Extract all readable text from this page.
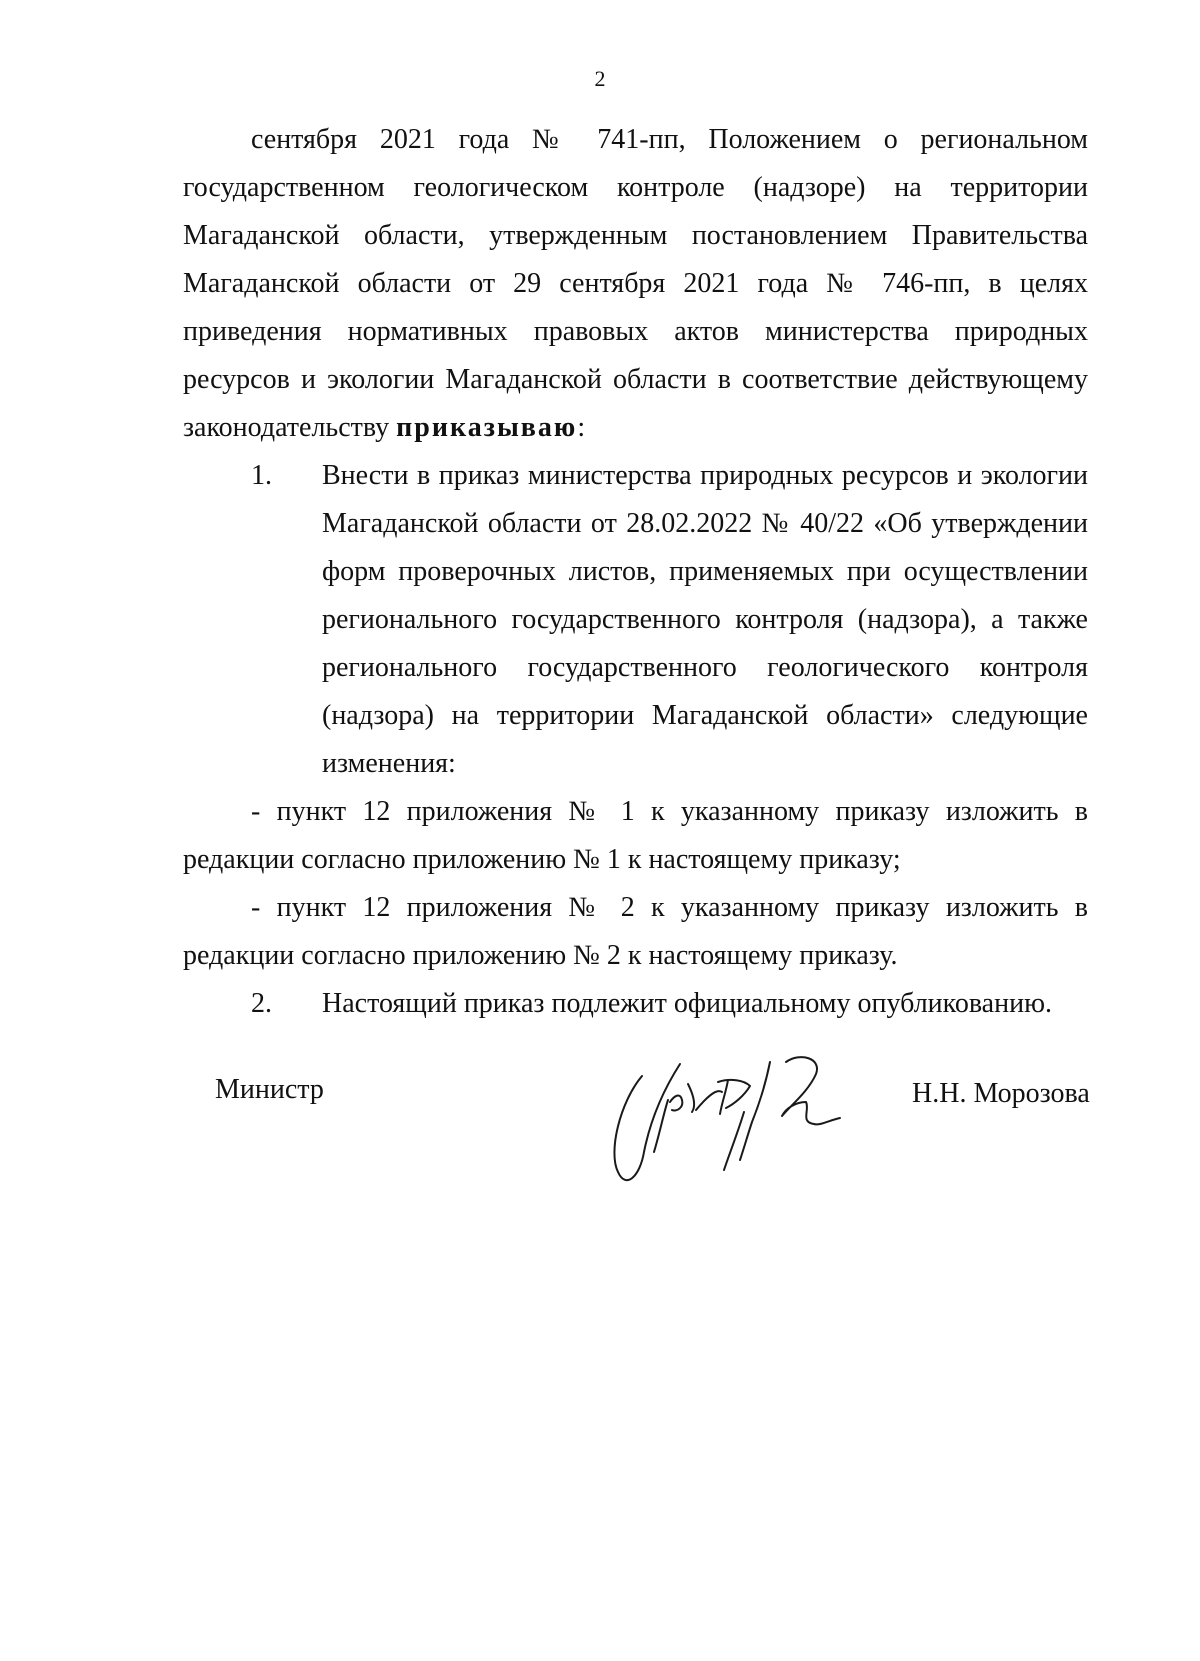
2

сентября 2021 года № 741-пп, Положением о региональном государственном геологическом контроле (надзоре) на территории Магаданской области, утвержденным постановлением Правительства Магаданской области от 29 сентября 2021 года № 746-пп, в целях приведения нормативных правовых актов министерства природных ресурсов и экологии Магаданской области в соответствие действующему законодательству приказываю:

1.	Внести в приказ министерства природных ресурсов и экологии Магаданской области от 28.02.2022 № 40/22 «Об утверждении форм проверочных листов, применяемых при осуществлении регионального государственного контроля (надзора), а также регионального государственного геологического контроля (надзора) на территории Магаданской области» следующие изменения:

- пункт 12 приложения № 1 к указанному приказу изложить в редакции согласно приложению № 1 к настоящему приказу;

- пункт 12 приложения № 2 к указанному приказу изложить в редакции согласно приложению № 2 к настоящему приказу.

2.	Настоящий приказ подлежит официальному опубликованию.
Министр	Н.Н. Морозова
